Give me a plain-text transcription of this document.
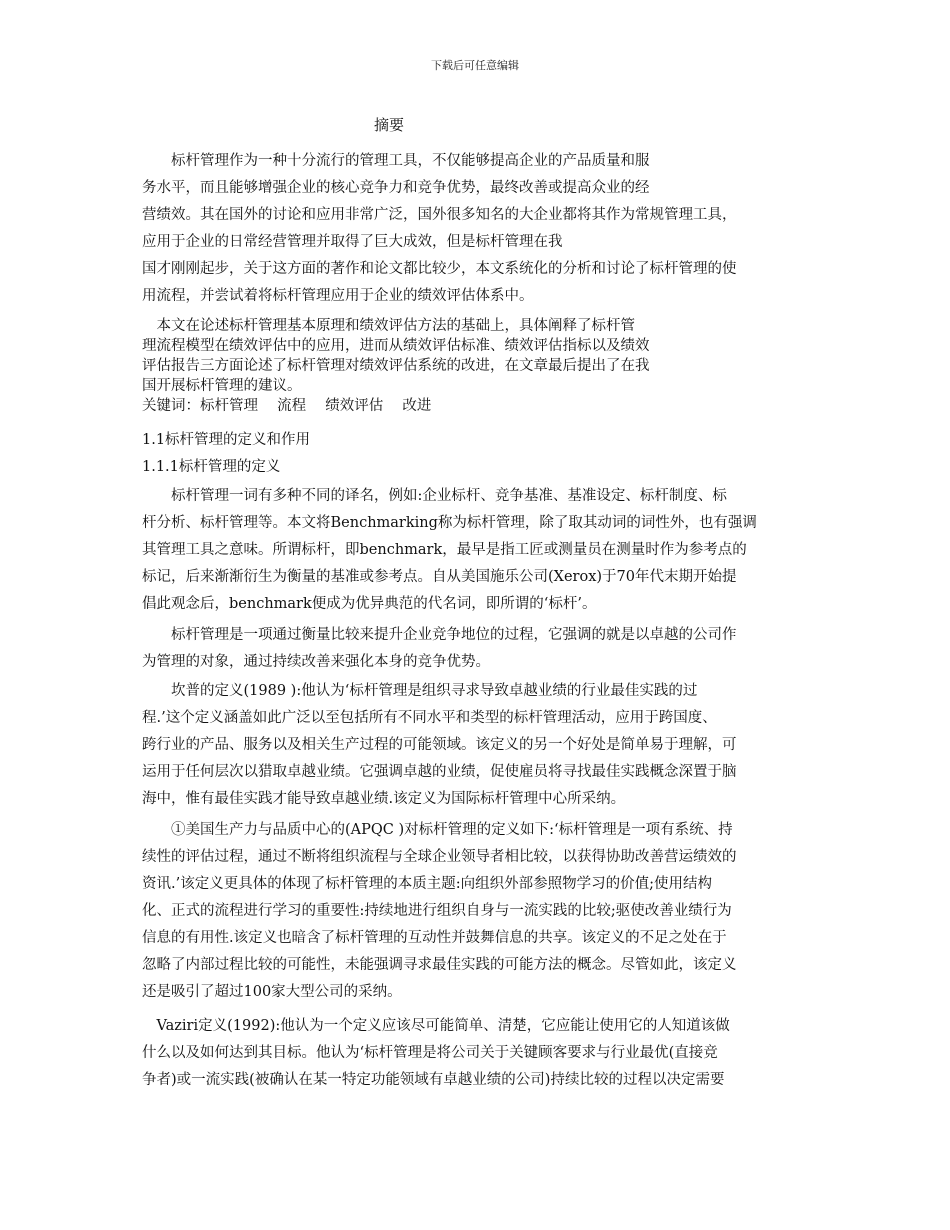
下载后可任意编辑
摘要
　　标杆管理作为一种十分流行的管理工具，不仅能够提高企业的产品质量和服
务水平，而且能够增强企业的核心竞争力和竞争优势，最终改善或提高众业的经
营绩效。其在国外的讨论和应用非常广泛，国外很多知名的大企业都将其作为常规管理工具，
应用于企业的日常经营管理并取得了巨大成效，但是标杆管理在我
国才刚刚起步，关于这方面的著作和论文都比较少，本文系统化的分析和讨论了标杆管理的使
用流程，并尝试着将标杆管理应用于企业的绩效评估体系中。
　本文在论述标杆管理基本原理和绩效评估方法的基础上，具体阐释了标杆管
理流程模型在绩效评估中的应用，进而从绩效评估标准、绩效评估指标以及绩效
评估报告三方面论述了标杆管理对绩效评估系统的改进，在文章最后提出了在我
国开展标杆管理的建议。
关键词：标杆管理　 流程　 绩效评估　 改进
1.1标杆管理的定义和作用
1.1.1标杆管理的定义
　　标杆管理一词有多种不同的译名，例如:企业标杆、竞争基准、基准设定、标杆制度、标
杆分析、标杆管理等。本文将Benchmarking称为标杆管理，除了取其动词的词性外，也有强调
其管理工具之意味。所谓标杆，即benchmark，最早是指工匠或测量员在测量时作为参考点的
标记，后来渐渐衍生为衡量的基准或参考点。自从美国施乐公司(Xerox)于70年代末期开始提
倡此观念后，benchmark便成为优异典范的代名词，即所谓的‘标杆’。
　　标杆管理是一项通过衡量比较来提升企业竞争地位的过程，它强调的就是以卓越的公司作
为管理的对象，通过持续改善来强化本身的竞争优势。
　　坎普的定义(1989 ):他认为‘标杆管理是组织寻求导致卓越业绩的行业最佳实践的过
程.’这个定义涵盖如此广泛以至包括所有不同水平和类型的标杆管理活动，应用于跨国度、
跨行业的产品、服务以及相关生产过程的可能领域。该定义的另一个好处是简单易于理解，可
运用于任何层次以猎取卓越业绩。它强调卓越的业绩，促使雇员将寻找最佳实践概念深置于脑
海中，惟有最佳实践才能导致卓越业绩.该定义为国际标杆管理中心所采纳。
　　①美国生产力与品质中心的(APQC )对标杆管理的定义如下:‘标杆管理是一项有系统、持
续性的评估过程，通过不断将组织流程与全球企业领导者相比较，以获得协助改善营运绩效的
资讯.’该定义更具体的体现了标杆管理的本质主题:向组织外部参照物学习的价值;使用结构
化、正式的流程进行学习的重要性:持续地进行组织自身与一流实践的比较;驱使改善业绩行为
信息的有用性.该定义也暗含了标杆管理的互动性并鼓舞信息的共享。该定义的不足之处在于
忽略了内部过程比较的可能性，未能强调寻求最佳实践的可能方法的概念。尽管如此，该定义
还是吸引了超过100家大型公司的采纳。
　Vaziri定义(1992):他认为一个定义应该尽可能简单、清楚，它应能让使用它的人知道该做
什么以及如何达到其目标。他认为‘标杆管理是将公司关于关键顾客要求与行业最优(直接竞
争者)或一流实践(被确认在某一特定功能领域有卓越业绩的公司)持续比较的过程以决定需要
